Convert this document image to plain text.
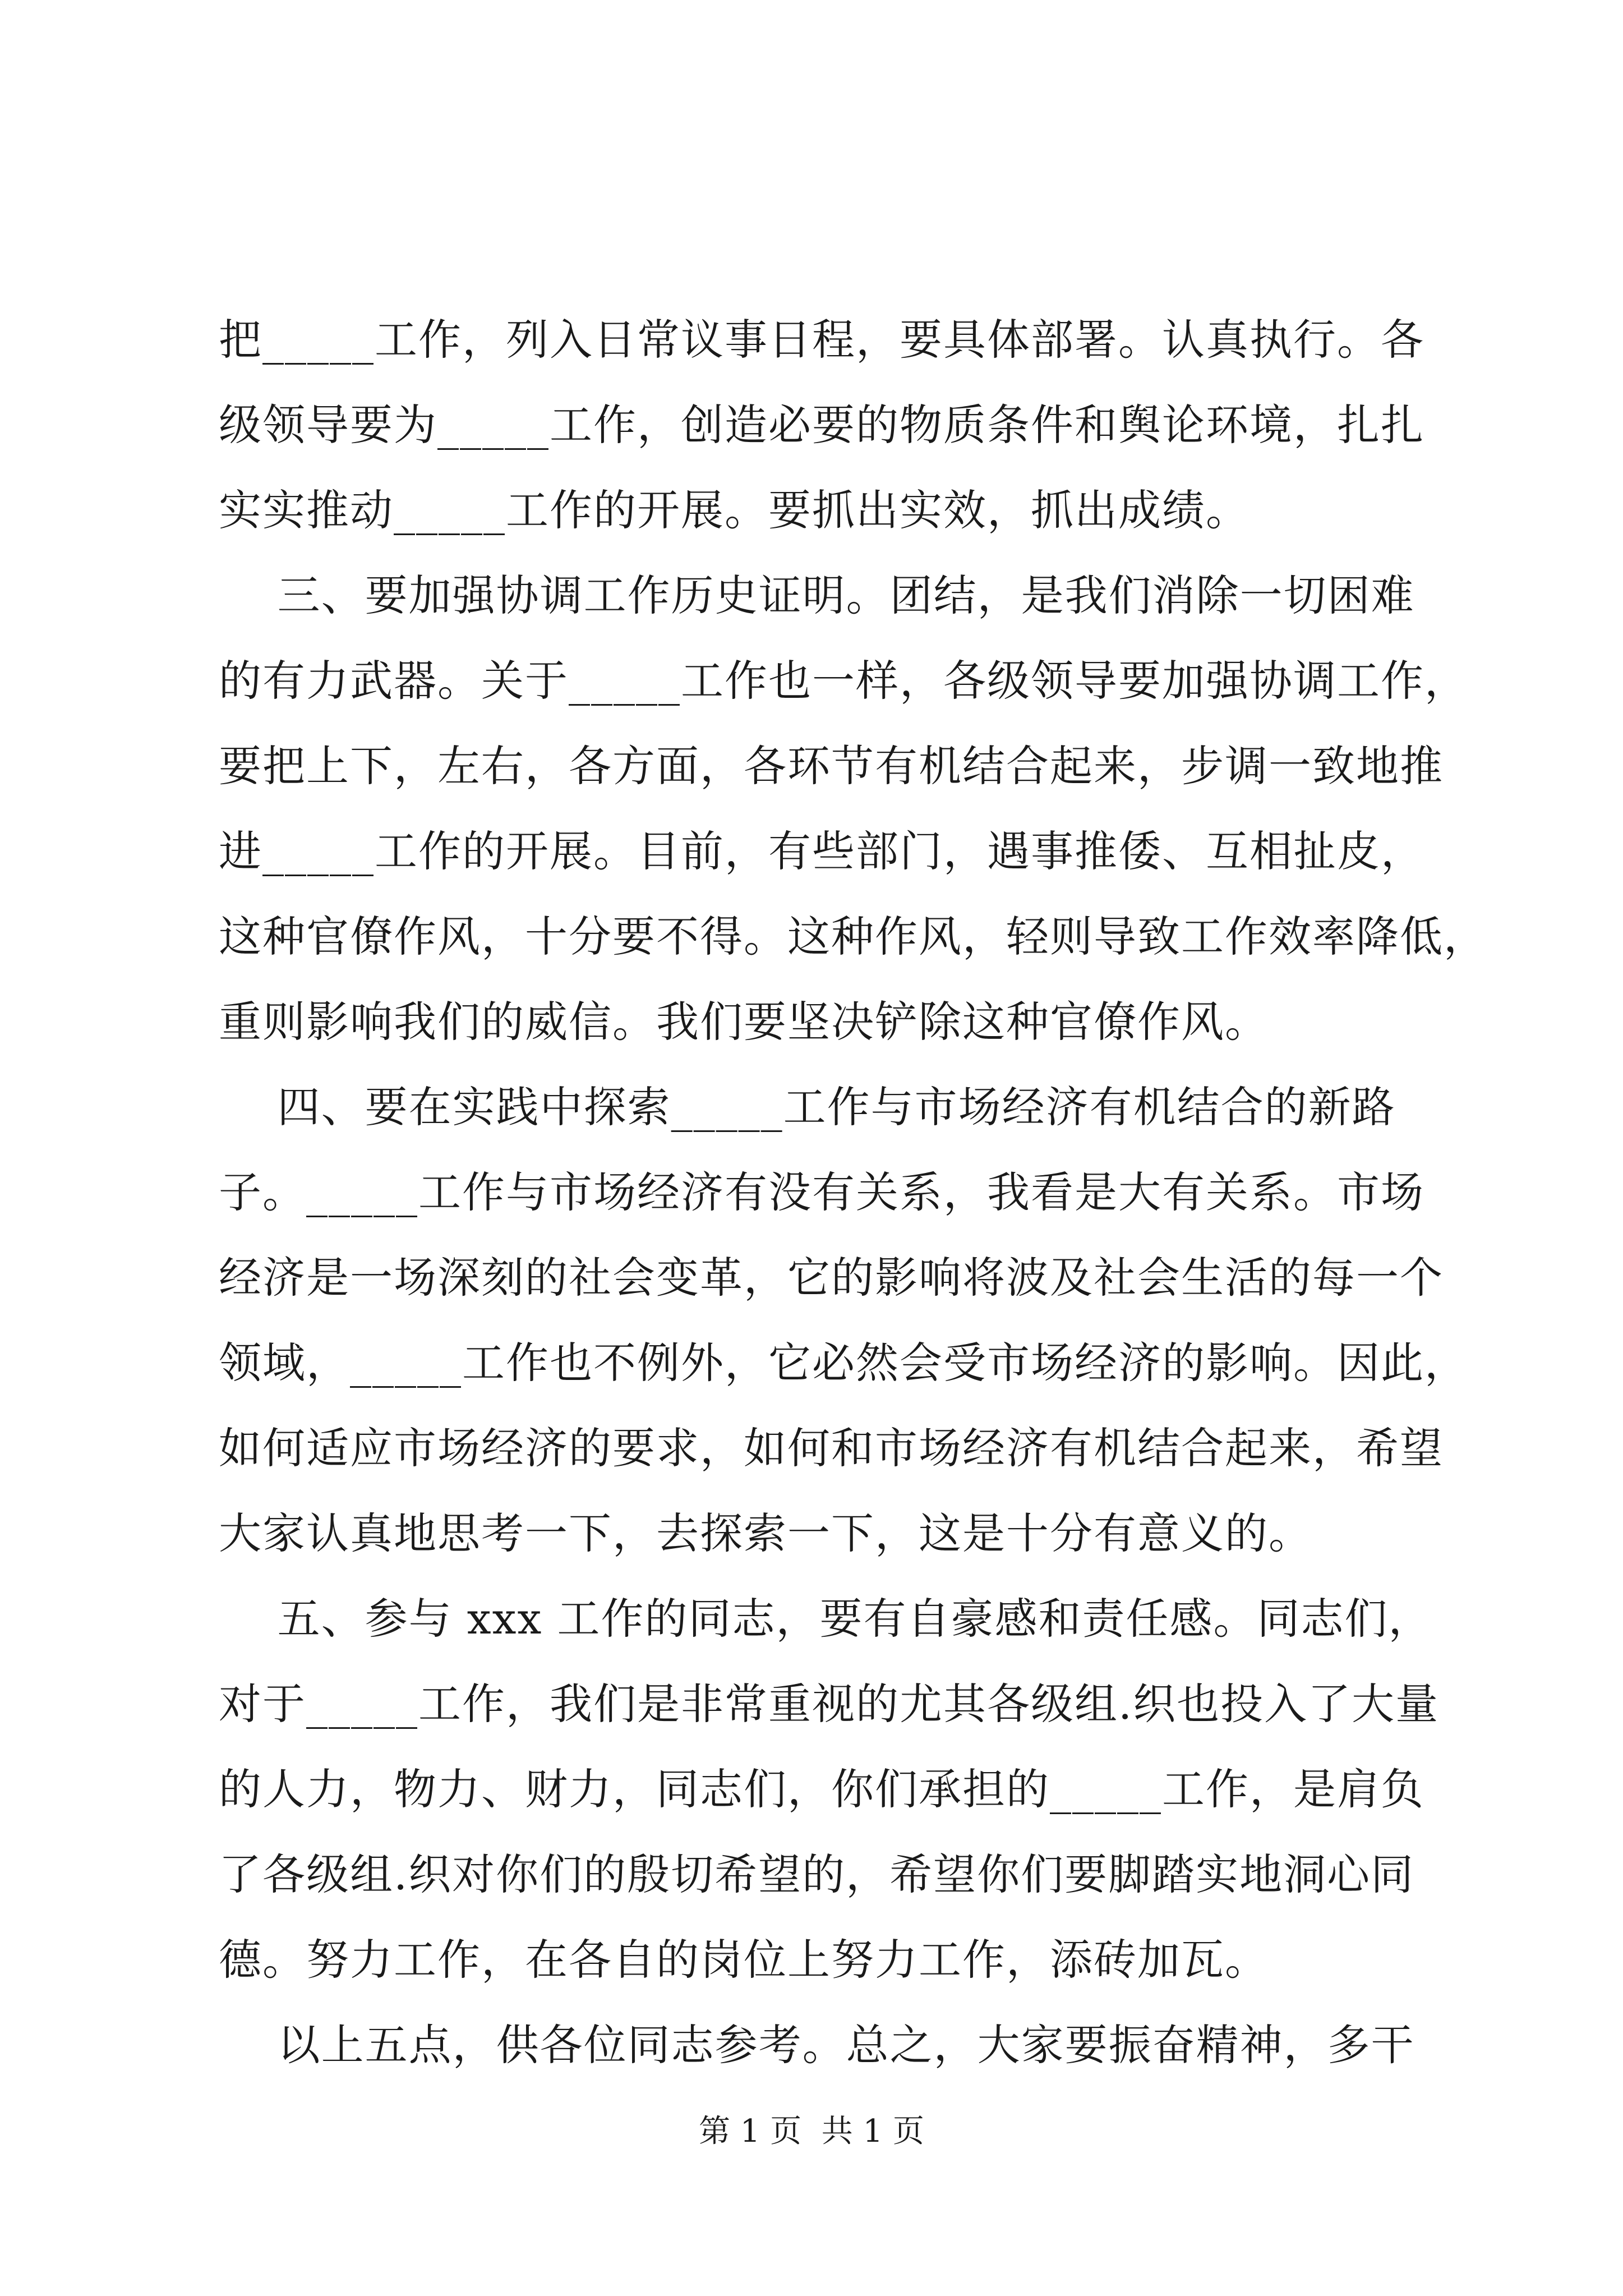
把_____工作，列入日常议事日程，要具体部署。认真执行。各
级领导要为_____工作，创造必要的物质条件和舆论环境，扎扎
实实推动_____工作的开展。要抓出实效，抓出成绩。
三、要加强协调工作历史证明。团结，是我们消除一切困难
的有力武器。关于_____工作也一样，各级领导要加强协调工作，
要把上下，左右，各方面，各环节有机结合起来，步调一致地推
进_____工作的开展。目前，有些部门，遇事推倭、互相扯皮，
这种官僚作风，十分要不得。这种作风，轻则导致工作效率降低，
重则影响我们的威信。我们要坚决铲除这种官僚作风。
四、要在实践中探索_____工作与市场经济有机结合的新路
子。_____工作与市场经济有没有关系，我看是大有关系。市场
经济是一场深刻的社会变革，它的影响将波及社会生活的每一个
领域，_____工作也不例外，它必然会受市场经济的影响。因此，
如何适应市场经济的要求，如何和市场经济有机结合起来，希望
大家认真地思考一下，去探索一下，这是十分有意义的。
五、参与 xxx 工作的同志，要有自豪感和责任感。同志们，
对于_____工作，我们是非常重视的尤其各级组.织也投入了大量
的人力，物力、财力，同志们，你们承担的_____工作，是肩负
了各级组.织对你们的殷切希望的，希望你们要脚踏实地洞心同
德。努力工作，在各自的岗位上努力工作，添砖加瓦。
以上五点，供各位同志参考。总之，大家要振奋精神，多干
第 1 页  共 1 页
